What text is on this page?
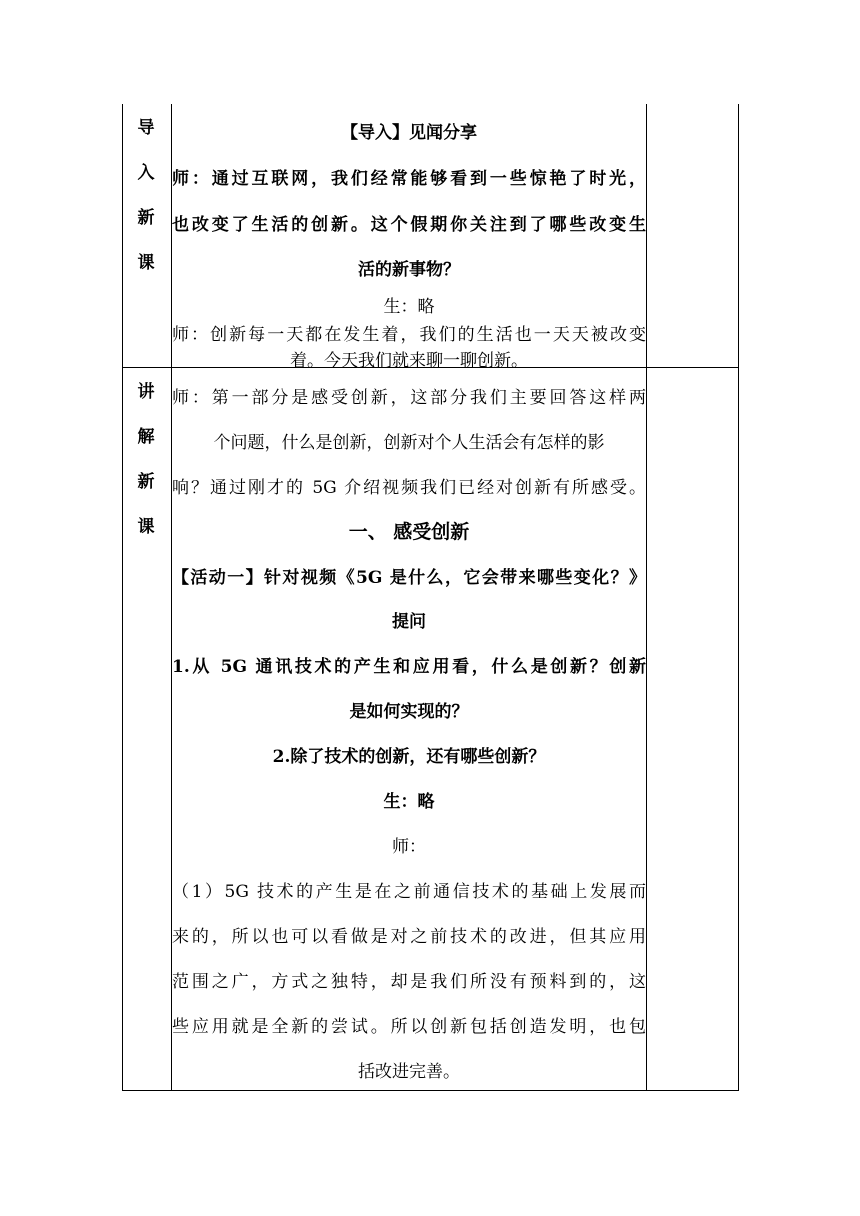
导
入
新
课
【导入】见闻分享
师：通过互联网，我们经常能够看到一些惊艳了时光，
也改变了生活的创新。这个假期你关注到了哪些改变生
活的新事物？
生：略
师：创新每一天都在发生着，我们的生活也一天天被改变
着。今天我们就来聊一聊创新。
讲
解
新
课
师：第一部分是感受创新，这部分我们主要回答这样两
个问题，什么是创新，创新对个人生活会有怎样的影
响？通过刚才的 5G 介绍视频我们已经对创新有所感受。
一、 感受创新
【活动一】针对视频《5G 是什么，它会带来哪些变化？》
提问
1.从 5G 通讯技术的产生和应用看，什么是创新？创新
是如何实现的？
2.除了技术的创新，还有哪些创新？
生：略
师：
（1）5G 技术的产生是在之前通信技术的基础上发展而
来的，所以也可以看做是对之前技术的改进，但其应用
范围之广，方式之独特，却是我们所没有预料到的，这
些应用就是全新的尝试。所以创新包括创造发明，也包
括改进完善。
